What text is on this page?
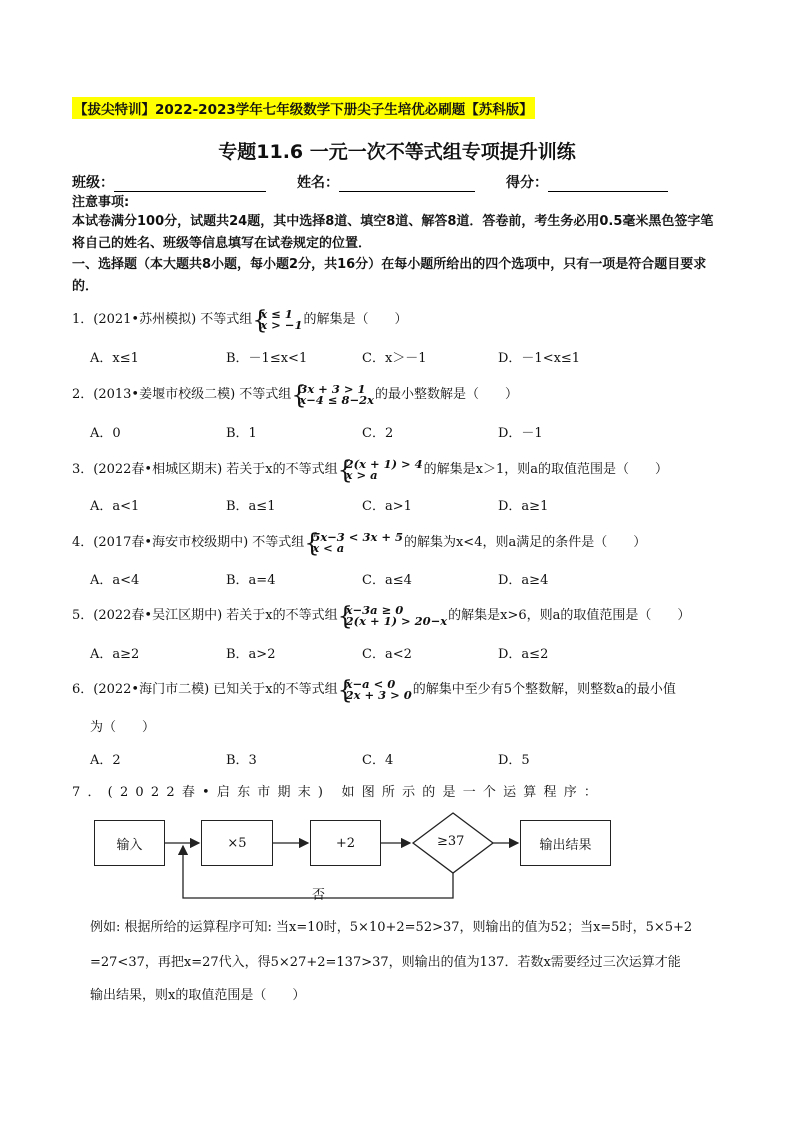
【拔尖特训】2022-2023学年七年级数学下册尖子生培优必刷题【苏科版】
专题11.6 一元一次不等式组专项提升训练
班级：	姓名：	得分：
注意事项:
本试卷满分100分，试题共24题，其中选择8道、填空8道、解答8道．答卷前，考生务必用0.5毫米黑色签字笔将自己的姓名、班级等信息填写在试卷规定的位置．
一、选择题（本大题共8小题，每小题2分，共16分）在每小题所给出的四个选项中，只有一项是符合题目要求的．
1．(2021•苏州模拟) 不等式组 {
x ≤ 1
x > −1 的解集是（　　）
A．x≤1	B．－1≤x<1	C．x＞－1	D．－1<x≤1
2．(2013•姜堰市校级二模) 不等式组 {
3x + 3 > 1
x−4 ≤ 8−2x 的最小整数解是（　　）
A．0	B．1	C．2	D．－1
3．(2022春•相城区期末) 若关于x的不等式组 {
2(x + 1) > 4
x > a	的解集是x＞1，则a的取值范围是（　　）
A．a<1	B．a≤1	C．a>1	D．a≥1
4．(2017春•海安市校级期中) 不等式组 {
5x−3 < 3x + 5
x < a	的解集为x<4，则a满足的条件是（　　）
A．a<4	B．a=4	C．a≤4	D．a≥4
5．(2022春•吴江区期中) 若关于x的不等式组 {
x−3a ≥ 0
2(x + 1) > 20−x 的解集是x>6，则a的取值范围是（　　）
A．a≥2	B．a>2	C．a<2	D．a≤2
6．(2022•海门市二模) 已知关于x的不等式组 {
x−a < 0
2x + 3 > 0 的解集中至少有5个整数解，则整数a的最小值
为（　　）
A．2	B．3	C．4	D．5
7．(2022春•启东市期末) 如图所示的是一个运算程序：
输入	×5	+2	≥37	输出结果
否
例如: 根据所给的运算程序可知: 当x=10时，5×10+2=52>37，则输出的值为52；当x=5时，5×5+2
=27<37，再把x=27代入，得5×27+2=137>37，则输出的值为137．若数x需要经过三次运算才能
输出结果，则x的取值范围是（　　）
